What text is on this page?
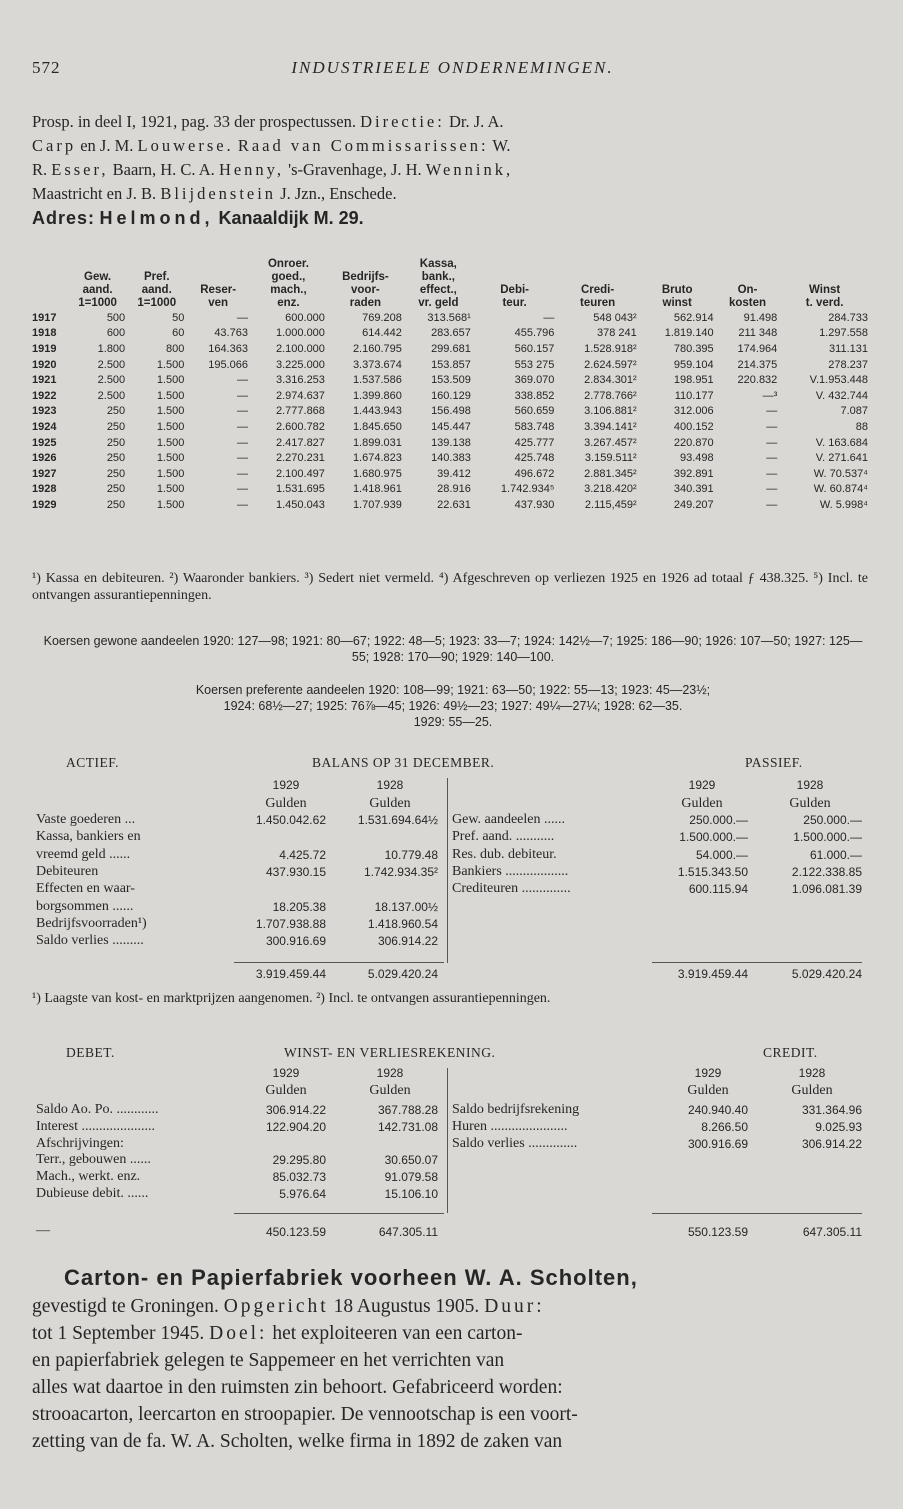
572	INDUSTRIEELE ONDERNEMINGEN.
Prosp. in deel I, 1921, pag. 33 der prospectussen. Directie: Dr. J. A.
Carp en J. M. Louwerse. Raad van Commissarissen: W.
R. Esser, Baarn, H. C. A. Henny, 's-Gravenhage, J. H. Wennink,
Maastricht en J. B. Blijdenstein J. Jzn., Enschede.
Adres: Helmond, Kanaaldijk M. 29.
				Onroer.		Kassa,					
	Gew.	Pref.		goed.,	Bedrijfs-	bank.,					
	aand.	aand.	Reser-	mach.,	voor-	effect.,	Debi-	Credi-	Bruto	On-	Winst
	1=1000	1=1000	ven	enz.	raden	vr. geld	teur.	teuren	winst	kosten	t. verd.
1917	500	50	—	600.000	769.208	313.568¹	—	548 043²	562.914	91.498	284.733
1918	600	60	43.763	1.000.000	614.442	283.657	455.796	378 241	1.819.140	211 348	1.297.558
1919	1.800	800	164.363	2.100.000	2.160.795	299.681	560.157	1.528.918²	780.395	174.964	311.131
1920	2.500	1.500	195.066	3.225.000	3.373.674	153.857	553 275	2.624.597²	959.104	214.375	278.237
1921	2.500	1.500	—	3.316.253	1.537.586	153.509	369.070	2.834.301²	198.951	220.832	V.1.953.448
1922	2.500	1.500	—	2.974.637	1.399.860	160.129	338.852	2.778.766²	110.177	—³	V. 432.744
1923	250	1.500	—	2.777.868	1.443.943	156.498	560.659	3.106.881²	312.006	—	7.087
1924	250	1.500	—	2.600.782	1.845.650	145.447	583.748	3.394.141²	400.152	—	88
1925	250	1.500	—	2.417.827	1.899.031	139.138	425.777	3.267.457²	220.870	—	V. 163.684
1926	250	1.500	—	2.270.231	1.674.823	140.383	425.748	3.159.511²	93.498	—	V. 271.641
1927	250	1.500	—	2.100.497	1.680.975	39.412	496.672	2.881.345²	392.891	—	W. 70.537⁴
1928	250	1.500	—	1.531.695	1.418.961	28.916	1.742.934⁵	3.218.420²	340.391	—	W. 60.874⁴
1929	250	1.500	—	1.450.043	1.707.939	22.631	437.930	2.115,459²	249.207	—	W. 5.998⁴
¹) Kassa en debiteuren. ²) Waaronder bankiers. ³) Sedert niet vermeld. ⁴) Afgeschreven op verliezen 1925 en 1926 ad totaal ƒ 438.325. ⁵) Incl. te ontvangen assurantiepenningen.
Koersen gewone aandeelen 1920: 127—98; 1921: 80—67; 1922: 48—5; 1923: 33—7; 1924: 142½—7; 1925: 186—90; 1926: 107—50; 1927: 125—55; 1928: 170—90; 1929: 140—100.
Koersen preferente aandeelen 1920: 108—99; 1921: 63—50; 1922: 55—13; 1923: 45—23½;
1924: 68½—27; 1925: 76⅞—45; 1926: 49½—23; 1927: 49¼—27¼; 1928: 62—35.
1929: 55—25.
ACTIEF.	BALANS OP 31 DECEMBER.	PASSIEF.
1929	1928	1929	1928
Gulden	Gulden	Gulden	Gulden
Vaste goederen ...	1.450.042.62	1.531.694.64½
Kassa, bankiers en
vreemd geld ......	4.425.72	10.779.48
Debiteuren	437.930.15	1.742.934.35²
Effecten en waar-
borgsommen ......	18.205.38	18.137.00½
Bedrijfsvoorraden¹)	1.707.938.88	1.418.960.54
Saldo verlies .........	300.916.69	306.914.22
Gew. aandeelen ......	250.000.—	250.000.—
Pref. aand. ...........	1.500.000.—	1.500.000.—
Res. dub. debiteur.	54.000.—	61.000.—
Bankiers ..................	1.515.343.50	2.122.338.85
Crediteuren ..............	600.115.94	1.096.081.39
3.919.459.44	5.029.420.24	3.919.459.44	5.029.420.24
¹) Laagste van kost- en marktprijzen aangenomen. ²) Incl. te ontvangen assurantiepenningen.
DEBET.	WINST- EN VERLIESREKENING.	CREDIT.
1929	1928	1929	1928
Gulden	Gulden	Gulden	Gulden
Saldo Ao. Po. ............	306.914.22	367.788.28
Interest .....................	122.904.20	142.731.08
Afschrijvingen:
Terr., gebouwen ......	29.295.80	30.650.07
Mach., werkt. enz.	85.032.73	91.079.58
Dubieuse debit. ......	5.976.64	15.106.10
Saldo bedrijfsrekening	240.940.40	331.364.96
Huren ......................	8.266.50	9.025.93
Saldo verlies ..............	300.916.69	306.914.22
—	450.123.59	647.305.11	550.123.59	647.305.11
Carton- en Papierfabriek voorheen W. A. Scholten,
gevestigd te Groningen. Opgericht 18 Augustus 1905. Duur:
tot 1 September 1945. Doel: het exploiteeren van een carton-
en papierfabriek gelegen te Sappemeer en het verrichten van
alles wat daartoe in den ruimsten zin behoort. Gefabriceerd worden:
strooacarton, leercarton en stroopapier. De vennootschap is een voort-
zetting van de fa. W. A. Scholten, welke firma in 1892 de zaken van
